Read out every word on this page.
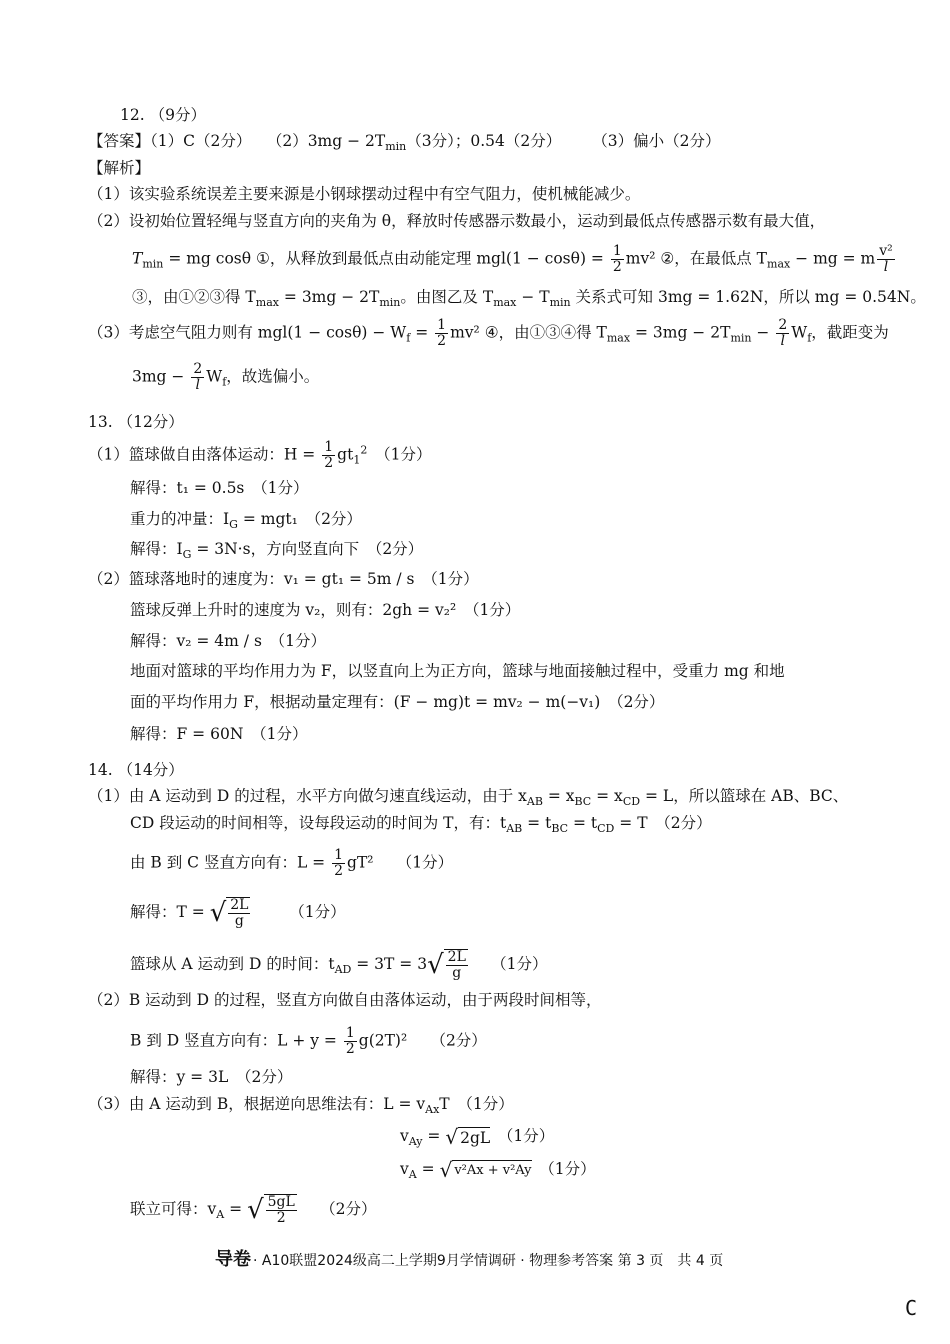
12. （9分）
【答案】（1）C（2分）　　$(2)3mg - 2T_{min}(3$分）；0.54（2分）　　　（3）偏小（2分）
【解析】
（1）该实验系统误差主要来源是小钢球摆动过程中有空气阻力，使机械能减少。
（2）设初始位置轻绳与竖直方向的夹角为 θ，释放时传感器示数最小，运动到最低点传感器示数有最大值，
$T_{min}$ = mg cosθ ①，从释放到最低点由动能定理 $mgl(1 - \cos\theta) = \frac{1}{2} mv^2$ ②，在最低点 $T_{max}$ − mg = m $\frac{\text{v²}}{l}$
③，由①②③得 $T_{max} = 3mg - 2T_{min}$。由图乙及 $T_{max} - T_{min}$ 关系式可知 3mg = 1.62N，所以 mg = 0.54N。
（3）考虑空气阻力则有 $mgl(1 - \cos\theta) - W_f = \frac{1}{2} mv^2$ ④，由①③④得 $T_{max} = 3mg - 2T_{min} - \frac{2}{l} W_f$，截距变为
$3mg - \frac{2}{l} W_f$，故选偏小。
13. （12分）
（1）篮球做自由落体运动：$H = \frac{1}{2} gt_1^2$　 （1分）
解得：t₁ = 0.5s　（1分）
重力的冲量：$I_G = mgt_1$　（2分）
解得：$I_G = 3N\cdot s$，方向竖直向下　（2分）
（2）篮球落地时的速度为：v₁ = gt₁ = 5m / s　（1分）
篮球反弹上升时的速度为 v₂，则有：2gh = v₂²　（1分）
解得：v₂ = 4m / s　（1分）
地面对篮球的平均作用力为 F，以竖直向上为正方向，篮球与地面接触过程中，受重力 mg 和地
面的平均作用力 F，根据动量定理有：(F − mg)t = mv₂ − m(−v₁)　（2分）
解得：F = 60N　（1分）
14. （14分）
（1）由 A 运动到 D 的过程，水平方向做匀速直线运动，由于 $x_{AB} = x_{BC} = x_{CD} = L$，所以篮球在 AB、BC、
CD 段运动的时间相等，设每段运动的时间为 T，有：$t_{AB} = t_{BC} = t_{CD} = T$　（2分）
由 B 到 C 竖直方向有：$L = \frac{1}{2} gT^2$　　（1分）
解得：T = √ $\frac{2L}{g}$
　　　	（1分）
篮球从 A 运动到 D 的时间：$t_{AD} = 3T = 3√ \frac{2L}{g}$
　　 （1分）
（2）B 运动到 D 的过程，竖直方向做自由落体运动，由于两段时间相等，
B 到 D 竖直方向有：$L + y = \frac{1}{2} g(2T)^2$　　（2分）
解得：y = 3L　（2分）
（3）由 A 运动到 B，根据逆向思维法有：$L = v_{Ax}T$　（1分）
$v_{Ay}$ = √ 2gL　 （1分）
$v_A$ = √ v²Ax + v²Ay　 （1分）
联立可得：$v_A$ = √ $\frac{5gL}{2}$
　　 （2分）
导卷 · A10联盟2024级高二上学期9月学情调研 · 物理参考答案 第 3 页　共 4 页
C
